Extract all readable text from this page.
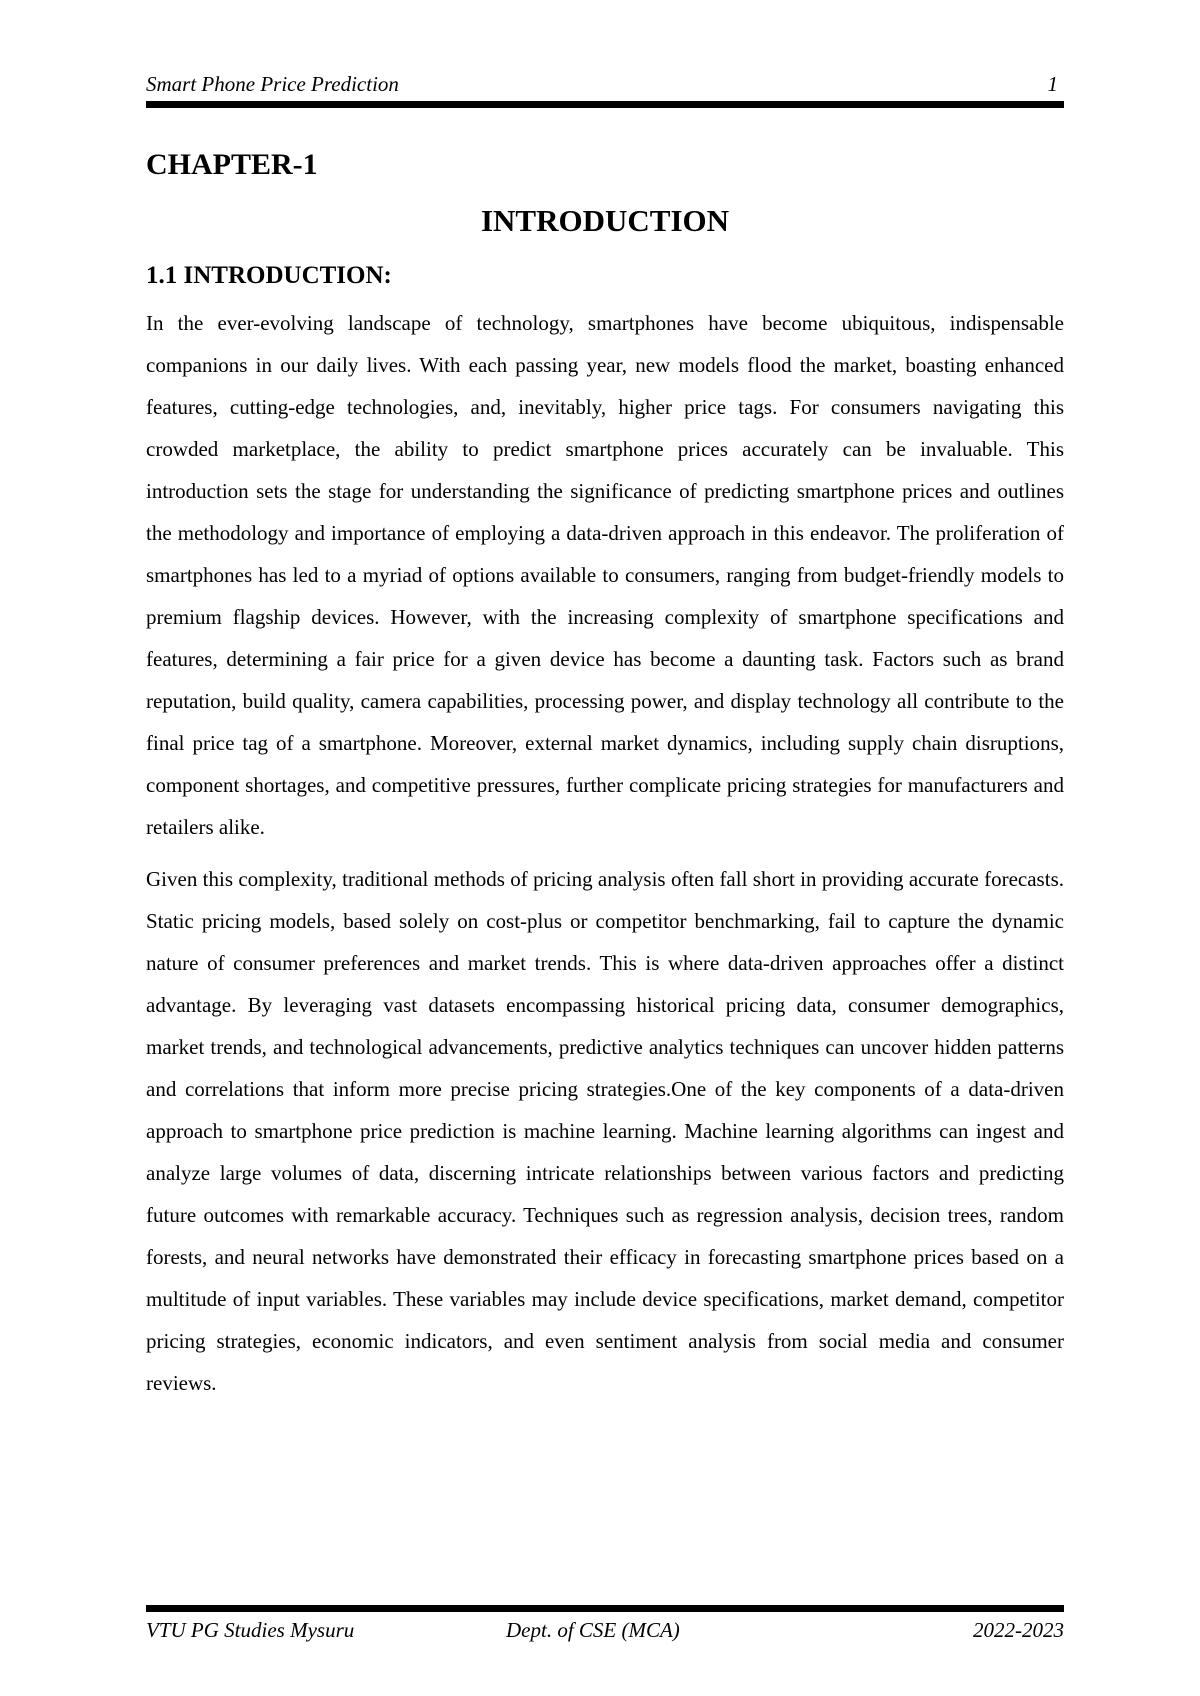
Smart Phone Price Prediction	1
CHAPTER-1
INTRODUCTION
1.1 INTRODUCTION:

In the ever-evolving landscape of technology, smartphones have become ubiquitous, indispensable companions in our daily lives. With each passing year, new models flood the market, boasting enhanced features, cutting-edge technologies, and, inevitably, higher price tags. For consumers navigating this crowded marketplace, the ability to predict smartphone prices accurately can be invaluable. This introduction sets the stage for understanding the significance of predicting smartphone prices and outlines the methodology and importance of employing a data-driven approach in this endeavor. The proliferation of smartphones has led to a myriad of options available to consumers, ranging from budget-friendly models to premium flagship devices. However, with the increasing complexity of smartphone specifications and features, determining a fair price for a given device has become a daunting task. Factors such as brand reputation, build quality, camera capabilities, processing power, and display technology all contribute to the final price tag of a smartphone. Moreover, external market dynamics, including supply chain disruptions, component shortages, and competitive pressures, further complicate pricing strategies for manufacturers and retailers alike.

Given this complexity, traditional methods of pricing analysis often fall short in providing accurate forecasts. Static pricing models, based solely on cost-plus or competitor benchmarking, fail to capture the dynamic nature of consumer preferences and market trends. This is where data-driven approaches offer a distinct advantage. By leveraging vast datasets encompassing historical pricing data, consumer demographics, market trends, and technological advancements, predictive analytics techniques can uncover hidden patterns and correlations that inform more precise pricing strategies.One of the key components of a data-driven approach to smartphone price prediction is machine learning. Machine learning algorithms can ingest and analyze large volumes of data, discerning intricate relationships between various factors and predicting future outcomes with remarkable accuracy. Techniques such as regression analysis, decision trees, random forests, and neural networks have demonstrated their efficacy in forecasting smartphone prices based on a multitude of input variables. These variables may include device specifications, market demand, competitor pricing strategies, economic indicators, and even sentiment analysis from social media and consumer reviews.

VTU PG Studies Mysuru	Dept. of CSE (MCA)	2022-2023
